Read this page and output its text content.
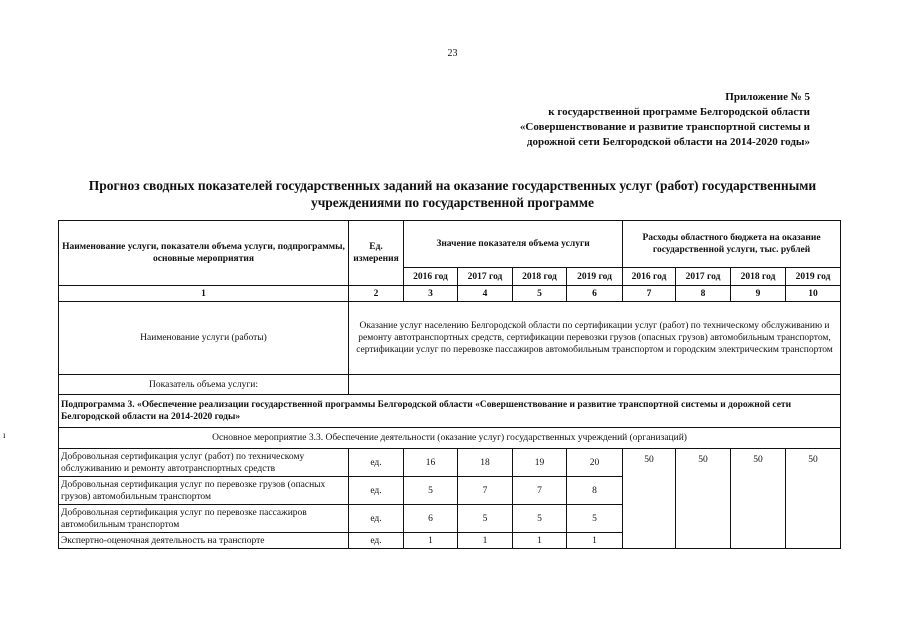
23
Приложение № 5
к государственной программе Белгородской области
«Совершенствование и развитие транспортной системы и
дорожной сети Белгородской области на 2014-2020 годы»
Прогноз сводных показателей государственных заданий на оказание государственных услуг (работ) государственными
учреждениями по государственной программе
ı
Наименование услуги, показатели объема услуги, подпрограммы, основные мероприятия	Ед. измерения	Значение показателя объема услуги				Расходы областного бюджета на оказание государственной услуги, тыс. рублей			
		2016 год	2017 год	2018 год	2019 год	2016 год	2017 год	2018 год	2019 год
1	2	3	4	5	6	7	8	9	10
Наименование услуги (работы)	Оказание услуг населению Белгородской области по сертификации услуг (работ) по техническому обслуживанию и ремонту автотранспортных средств, сертификации перевозки грузов (опасных грузов) автомобильным транспортом, сертификации услуг по перевозке пассажиров автомобильным транспортом и городским электрическим транспортом								
Показатель объема услуги:									
Подпрограмма 3. «Обеспечение реализации государственной программы Белгородской области «Совершенствование и развитие транспортной системы и дорожной сети Белгородской области на 2014-2020 годы»									
Основное мероприятие 3.3. Обеспечение деятельности (оказание услуг) государственных учреждений (организаций)									
Добровольная сертификация услуг (работ) по техническому обслуживанию и ремонту автотранспортных средств	ед.	16	18	19	20	50	50	50	50
Добровольная сертификация услуг по перевозке грузов (опасных грузов) автомобильным транспортом	ед.	5	7	7	8				
Добровольная сертификация услуг по перевозке пассажиров автомобильным транспортом	ед.	6	5	5	5				
Экспертно-оценочная деятельность на транспорте	ед.	1	1	1	1				
